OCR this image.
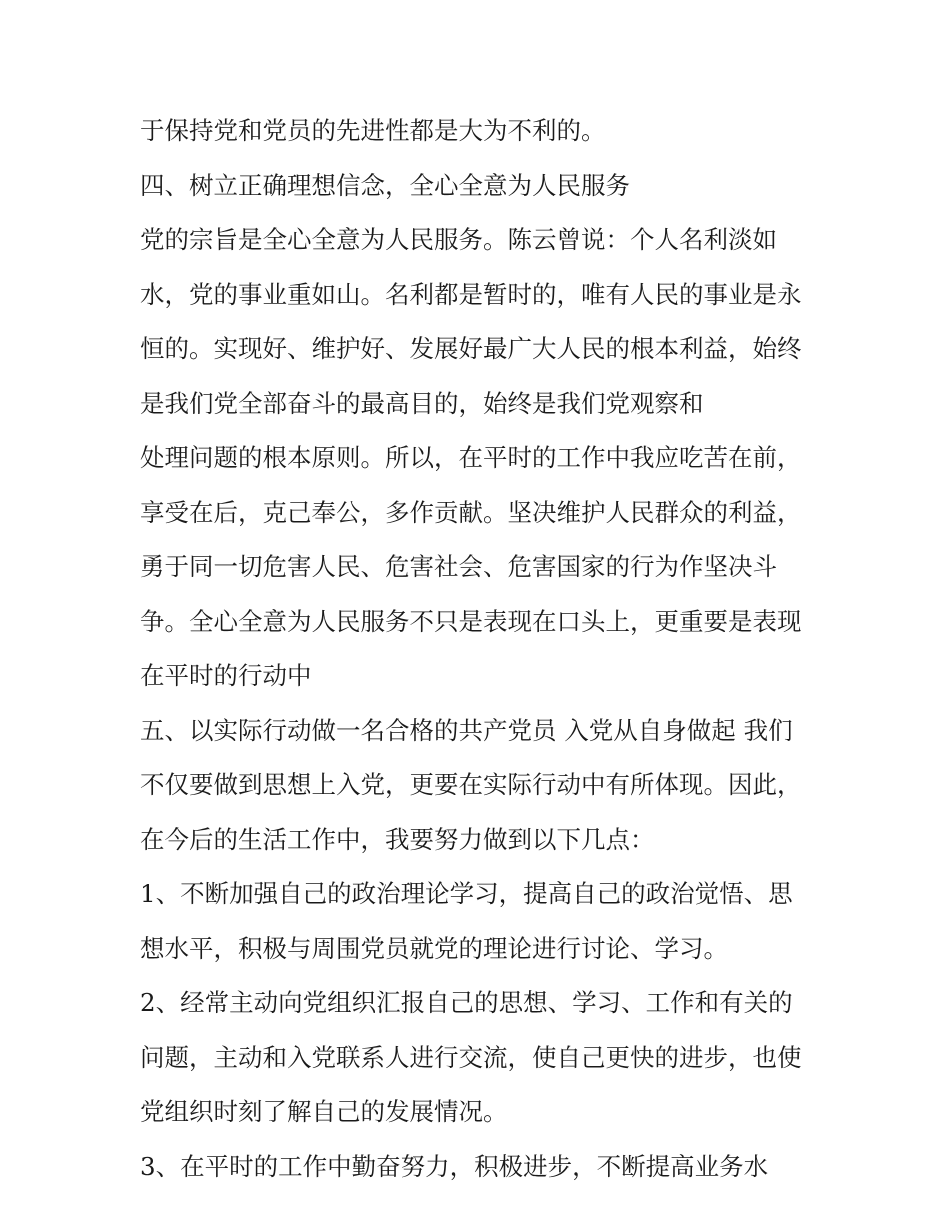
于保持党和党员的先进性都是大为不利的。
四、树立正确理想信念，全心全意为人民服务
党的宗旨是全心全意为人民服务。陈云曾说：个人名利淡如
水，党的事业重如山。名利都是暂时的，唯有人民的事业是永
恒的。实现好、维护好、发展好最广大人民的根本利益，始终
是我们党全部奋斗的最高目的，始终是我们党观察和
处理问题的根本原则。所以，在平时的工作中我应吃苦在前，
享受在后，克己奉公，多作贡献。坚决维护人民群众的利益，
勇于同一切危害人民、危害社会、危害国家的行为作坚决斗
争。全心全意为人民服务不只是表现在口头上，更重要是表现
在平时的行动中
五、以实际行动做一名合格的共产党员 入党从自身做起 我们
不仅要做到思想上入党，更要在实际行动中有所体现。因此，
在今后的生活工作中，我要努力做到以下几点：
1、不断加强自己的政治理论学习，提高自己的政治觉悟、思
想水平，积极与周围党员就党的理论进行讨论、学习。
2、经常主动向党组织汇报自己的思想、学习、工作和有关的
问题，主动和入党联系人进行交流，使自己更快的进步，也使
党组织时刻了解自己的发展情况。
3、在平时的工作中勤奋努力，积极进步，不断提高业务水
